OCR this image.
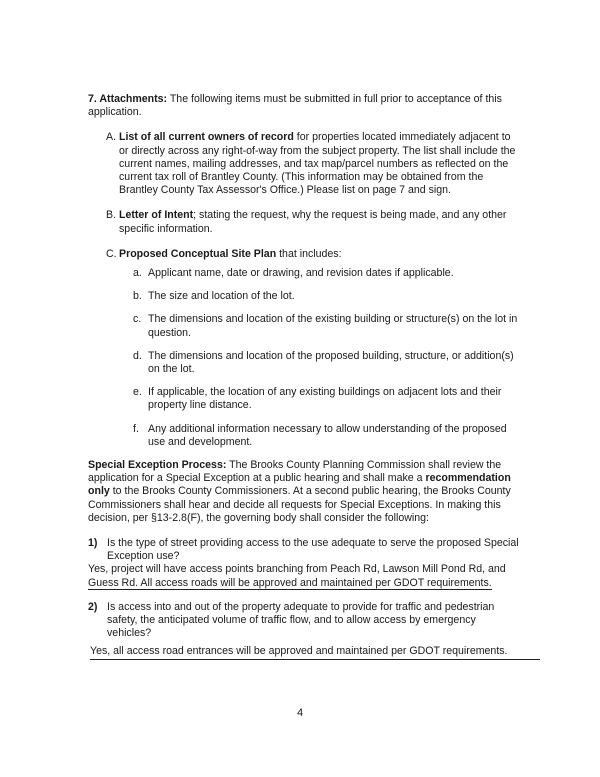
7. Attachments: The following items must be submitted in full prior to acceptance of this application.

A. List of all current owners of record for properties located immediately adjacent to or directly across any right-of-way from the subject property. The list shall include the current names, mailing addresses, and tax map/parcel numbers as reflected on the current tax roll of Brantley County. (This information may be obtained from the Brantley County Tax Assessor's Office.) Please list on page 7 and sign.
B. Letter of Intent; stating the request, why the request is being made, and any other specific information.
C. Proposed Conceptual Site Plan that includes:
a. Applicant name, date or drawing, and revision dates if applicable.
b. The size and location of the lot.
c. The dimensions and location of the existing building or structure(s) on the lot in question.
d. The dimensions and location of the proposed building, structure, or addition(s) on the lot.
e. If applicable, the location of any existing buildings on adjacent lots and their property line distance.
f. Any additional information necessary to allow understanding of the proposed use and development.

Special Exception Process: The Brooks County Planning Commission shall review the application for a Special Exception at a public hearing and shall make a recommendation only to the Brooks County Commissioners. At a second public hearing, the Brooks County Commissioners shall hear and decide all requests for Special Exceptions. In making this decision, per §13-2.8(F), the governing body shall consider the following:

1) Is the type of street providing access to the use adequate to serve the proposed Special Exception use?
Yes, project will have access points branching from Peach Rd, Lawson Mill Pond Rd, and
Guess Rd. All access roads will be approved and maintained per GDOT requirements.
2) Is access into and out of the property adequate to provide for traffic and pedestrian safety, the anticipated volume of traffic flow, and to allow access by emergency vehicles?
Yes, all access road entrances will be approved and maintained per GDOT requirements.
4
